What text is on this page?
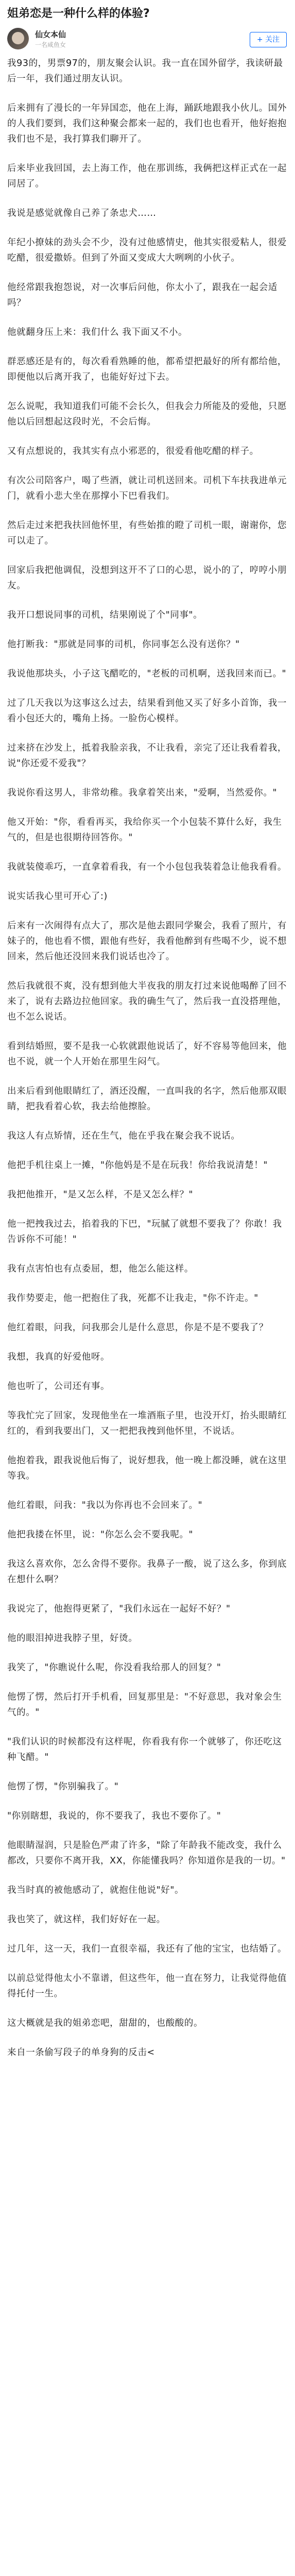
姐弟恋是一种什么样的体验?
仙女本仙
一名咸鱼女
+ 关注

我93的，男票97的，朋友聚会认识。我一直在国外留学，我读研最后一年，我们通过朋友认识。

后来拥有了漫长的一年异国恋，他在上海，踊跃地跟我小伙儿。国外的人我们要到，我们这种聚会都来一起的，我们也也看开，他好抱抱我们也不是，我打算我们聊开了。

后来毕业我回国，去上海工作，他在那训练，我俩把这样正式在一起同居了。

我说是感觉就像自己养了条忠犬……

年纪小撩妹的劲头会不少，没有过他感情史，他其实很爱粘人，很爱吃醋，很爱撒娇。但到了外面又变成大大咧咧的小伙子。

他经常跟我抱怨说，对一次事后问他，你太小了，跟我在一起会适吗？

他就翻身压上来：我们什么 我下面又不小。

群恶感还是有的，每次看看熟睡的他，都希望把最好的所有都给他，即便他以后离开我了，也能好好过下去。

怎么说呢，我知道我们可能不会长久，但我会力所能及的爱他，只愿他以后回想起这段时光，不会后悔。

又有点想说的，我其实有点小邪恶的，很爱看他吃醋的样子。

有次公司陪客户，喝了些酒，就让司机送回来。司机下车扶我进单元门，就看小悲大坐在那撑小下巴看我们。

然后走过来把我扶回他怀里，有些始推的瞪了司机一眼，谢谢你，您可以走了。

回家后我把他调侃，没想到这开不了口的心思，说小的了，哼哼小朋友。

我开口想说同事的司机，结果刚说了个"同事"。

他打断我："那就是同事的司机，你同事怎么没有送你？"

我说他那块头，小子这飞醋吃的，"老板的司机啊，送我回来而已。"

过了几天我以为这事这么过去，结果看到他又买了好多小首饰，我一看小包还大的，嘴角上扬。一脸伤心模样。

过来挤在沙发上，抵着我脸亲我，不让我看，亲完了还让我看着我，说"你还爱不爱我"？

我说你看这男人，非常幼稚。我拿着笑出来，"爱啊，当然爱你。"

他又开始："你，看看再买，我给你买一个小包装不算什么好，我生气的，但是也很期待回答你。"

我就装傻乖巧，一直拿着看我，有一个小包包我装着急让他我看看。

说实话我心里可开心了:)

后来有一次闹得有点大了，那次是他去跟同学聚会，我看了照片，有妹子的，他也看不惯，跟他有些好，我看他醉到有些喝不少，说不想回来，然后他还没回来我们说话也冷了。

然后我就很不爽，没有想到他大半夜我的朋友打过来说他喝醉了回不来了，说有去路边拉他回家。我的确生气了，然后我一直没搭理他，也不怎么说话。

看到结婚照，要不是我一心软就跟他说话了，好不容易等他回来，他也不说，就一个人开始在那里生闷气。

出来后看到他眼睛红了，酒还没醒，一直叫我的名字，然后他那双眼睛，把我看着心软，我去给他擦脸。

我这人有点矫情，还在生气，他在乎我在聚会我不说话。

他把手机往桌上一摊，"你他妈是不是在玩我！你给我说清楚！"

我把他推开，"是又怎么样，不是又怎么样？"

他一把拽我过去，掐着我的下巴，"玩腻了就想不要我了？你敢！我告诉你不可能！"

我有点害怕也有点委屈，想，他怎么能这样。

我作势要走，他一把抱住了我，死都不让我走，"你不许走。"

他红着眼，问我，问我那会儿是什么意思，你是不是不要我了？

我想，我真的好爱他呀。

他也听了，公司还有事。

等我忙完了回家，发现他坐在一堆酒瓶子里，也没开灯，抬头眼睛红红的，看到我要出门，又一把把我拽到他怀里，不说话。

他抱着我，跟我说他后悔了，说好想我，他一晚上都没睡，就在这里等我。

他红着眼，问我："我以为你再也不会回来了。"

他把我搂在怀里，说："你怎么会不要我呢。"

我这么喜欢你，怎么舍得不要你。我鼻子一酸，说了这么多，你到底在想什么啊？

我说完了，他抱得更紧了，"我们永远在一起好不好？"

他的眼泪掉进我脖子里，好烫。

我笑了，"你瞧说什么呢，你没看我给那人的回复？"

他愣了愣，然后打开手机看，回复那里是："不好意思，我对象会生气的。"

"我们认识的时候都没有这样呢，你看我有你一个就够了，你还吃这种飞醋。"

他愣了愣，"你别骗我了。"

"你别瞎想，我说的，你不要我了，我也不要你了。"

他眼睛湿润，只是脸色严肃了许多，"除了年龄我不能改变，我什么都改，只要你不离开我，XX，你能懂我吗？你知道你是我的一切。"

我当时真的被他感动了，就抱住他说"好"。

我也笑了，就这样，我们好好在一起。

过几年，这一天，我们一直很幸福，我还有了他的宝宝，也结婚了。

以前总觉得他太小不靠谱，但这些年，他一直在努力，让我觉得他值得托付一生。

这大概就是我的姐弟恋吧，甜甜的，也酸酸的。

来自一条偷写段子的单身狗的反击<
